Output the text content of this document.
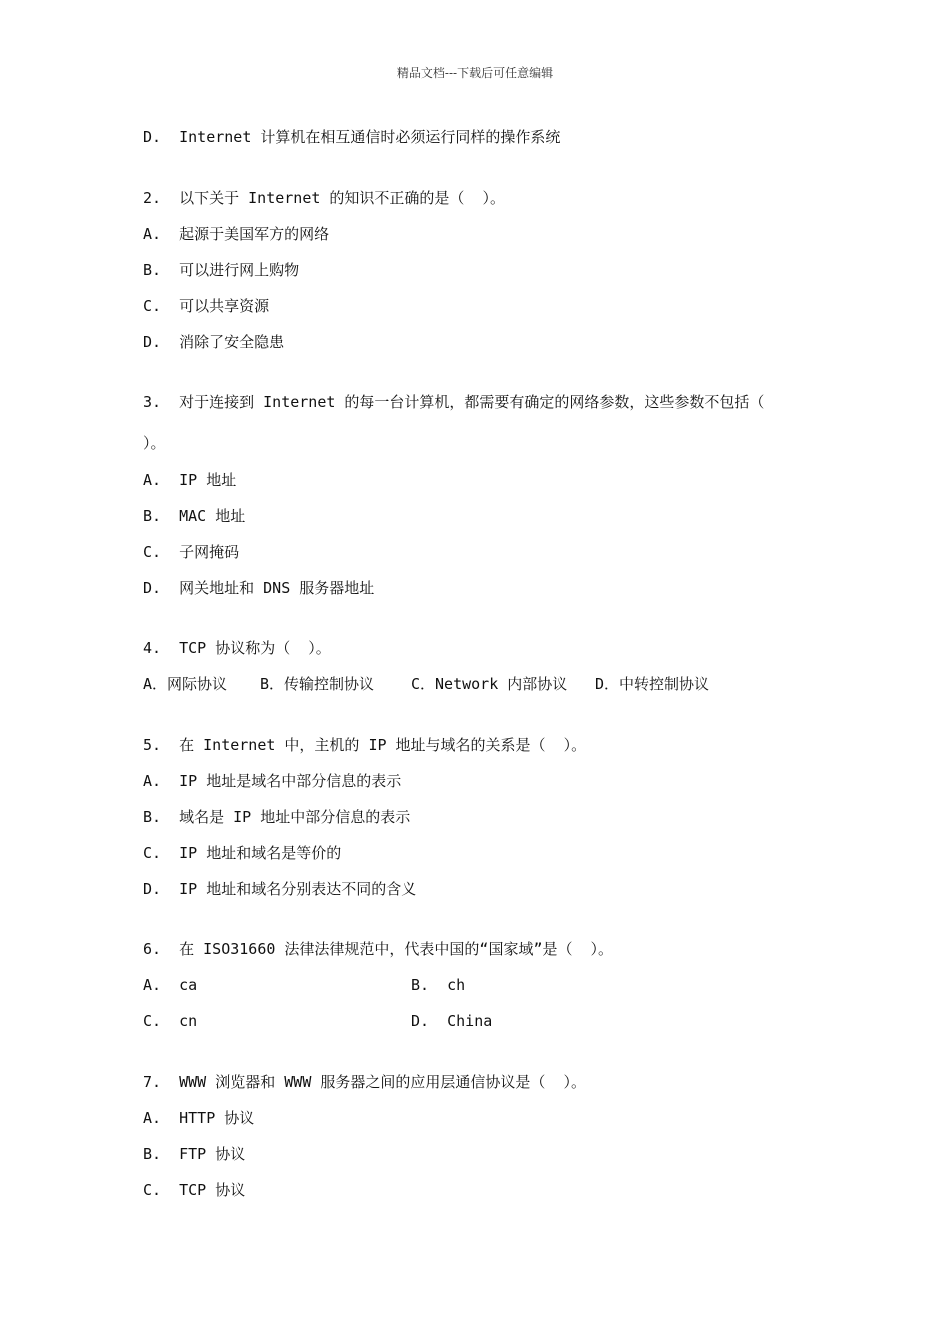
精品文档---下载后可任意编辑
D.  Internet 计算机在相互通信时必须运行同样的操作系统
2.  以下关于 Internet 的知识不正确的是（  ）。
A.  起源于美国军方的网络
B.  可以进行网上购物
C.  可以共享资源
D.  消除了安全隐患
3.  对于连接到 Internet 的每一台计算机，都需要有确定的网络参数，这些参数不包括（
）。
A.  IP 地址
B.  MAC 地址
C.  子网掩码
D.  网关地址和 DNS 服务器地址
4.  TCP 协议称为（  ）。
A．网际协议 B．传输控制协议 C．Network 内部协议 D．中转控制协议
5.  在 Internet 中，主机的 IP 地址与域名的关系是（  ）。
A.  IP 地址是域名中部分信息的表示
B.  域名是 IP 地址中部分信息的表示
C.  IP 地址和域名是等价的
D.  IP 地址和域名分别表达不同的含义
6.  在 ISO31660 法律法律规范中，代表中国的“国家域”是（  ）。
A.  ca	B.  ch
C.  cn	D.  China
7.  WWW 浏览器和 WWW 服务器之间的应用层通信协议是（  ）。
A.  HTTP 协议
B.  FTP 协议
C.  TCP 协议
